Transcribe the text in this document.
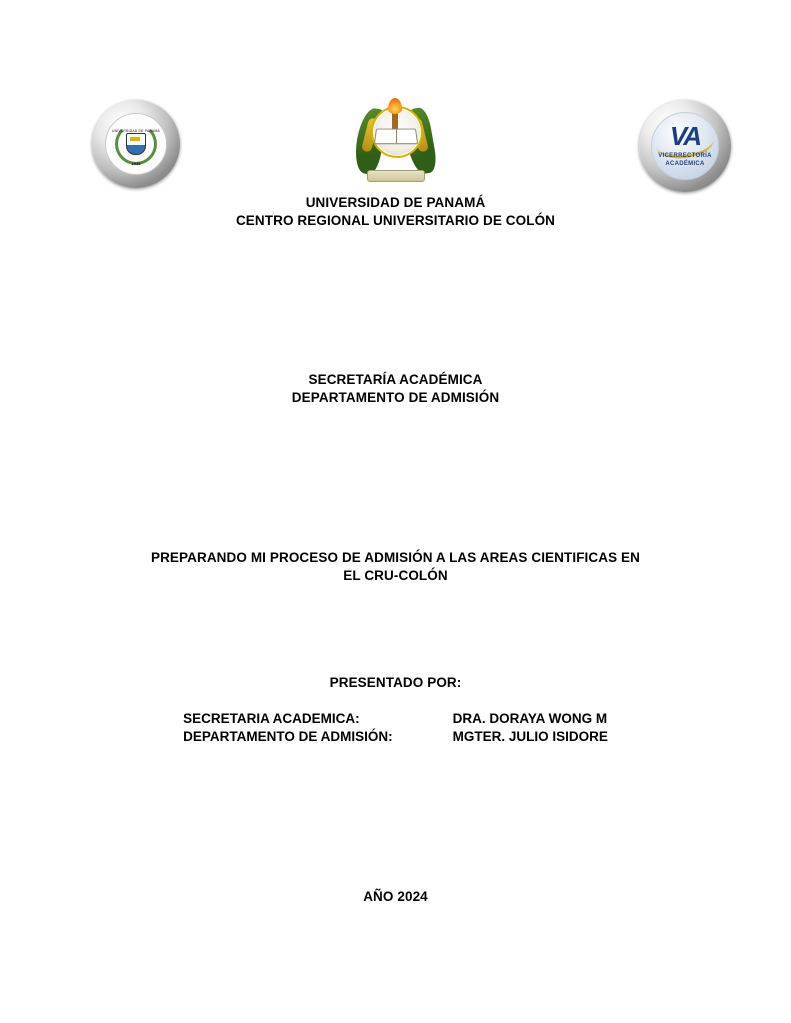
UNIVERSIDAD DE PANAMÁ
1935
VA
VICERRECTORÍA
ACADÉMICA
UNIVERSIDAD DE PANAMÁ
CENTRO REGIONAL UNIVERSITARIO DE COLÓN
SECRETARÍA ACADÉMICA
DEPARTAMENTO DE ADMISIÓN
PREPARANDO MI PROCESO DE ADMISIÓN A LAS AREAS CIENTIFICAS EN
EL CRU-COLÓN
PRESENTADO POR:
SECRETARIA ACADEMICA:	DRA. DORAYA WONG M
DEPARTAMENTO DE ADMISIÓN:	MGTER. JULIO ISIDORE
AÑO 2024
